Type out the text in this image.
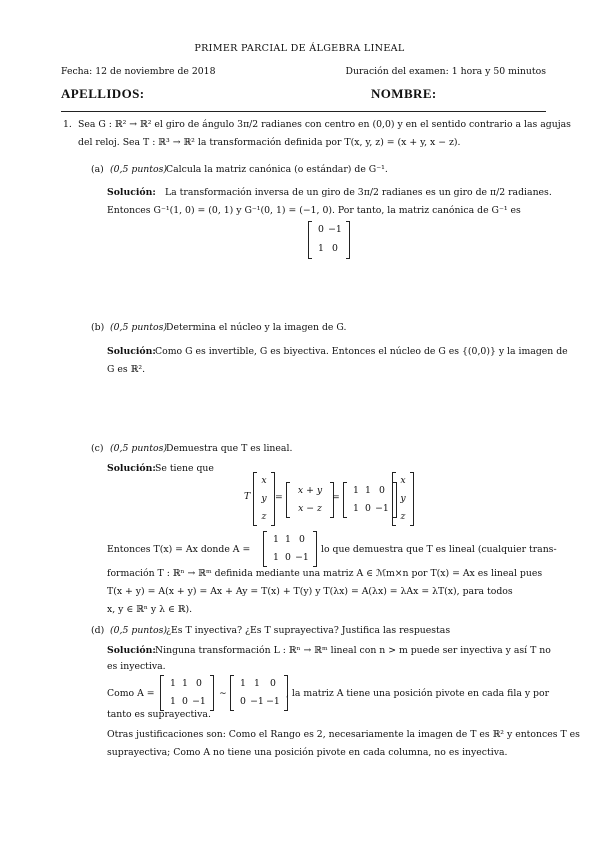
PRIMER PARCIAL DE ÁLGEBRA LINEAL
Fecha: 12 de noviembre de 2018	Duración del examen: 1 hora y 50 minutos
APELLIDOS:	NOMBRE:
1. Sea G : ℝ² → ℝ² el giro de ángulo 3π/2 radianes con centro en (0,0) y en el sentido contrario a las agujas
del reloj. Sea T : ℝ³ → ℝ² la transformación definida por T(x, y, z) = (x + y, x − z).
(a) (0,5 puntos)
Calcula la matriz canónica (o estándar) de G⁻¹.
Solución: La transformación inversa de un giro de 3π/2 radianes es un giro de π/2 radianes.
Entonces G⁻¹(1, 0) = (0, 1) y G⁻¹(0, 1) = (−1, 0). Por tanto, la matriz canónica de G⁻¹ es
0 −1
1 0
(b) (0,5 puntos)
Determina el núcleo y la imagen de G.
Solución: Como G es invertible, G es biyectiva. Entonces el núcleo de G es {(0,0)} y la imagen de
G es ℝ².
(c) (0,5 puntos)
Demuestra que T es lineal.
Solución: Se tiene que
T
x
y
z
=
x + y
x − z
=
1 1 0
1 0 −1
x
y
z
Entonces T(x) = Ax donde A =
1 1 0
1 0 −1
lo que demuestra que T es lineal (cualquier trans-
formación T : ℝⁿ → ℝᵐ definida mediante una matriz A ∈ ℳm×n por T(x) = Ax es lineal pues
T(x + y) = A(x + y) = Ax + Ay = T(x) + T(y) y T(λx) = A(λx) = λAx = λT(x), para todos
x, y ∈ ℝⁿ y λ ∈ ℝ).
(d) (0,5 puntos)
¿Es T inyectiva? ¿Es T suprayectiva? Justifica las respuestas
Solución: Ninguna transformación L : ℝⁿ → ℝᵐ lineal con n > m puede ser inyectiva y así T no
es inyectiva.
Como A =
1 1 0
1 0 −1
∼
1 1	0
0 −1 −1
, la matriz A tiene una posición pivote en cada fila y por
tanto es suprayectiva.
Otras justificaciones son: Como el Rango es 2, necesariamente la imagen de T es ℝ² y entonces T es
suprayectiva; Como A no tiene una posición pivote en cada columna, no es inyectiva.
